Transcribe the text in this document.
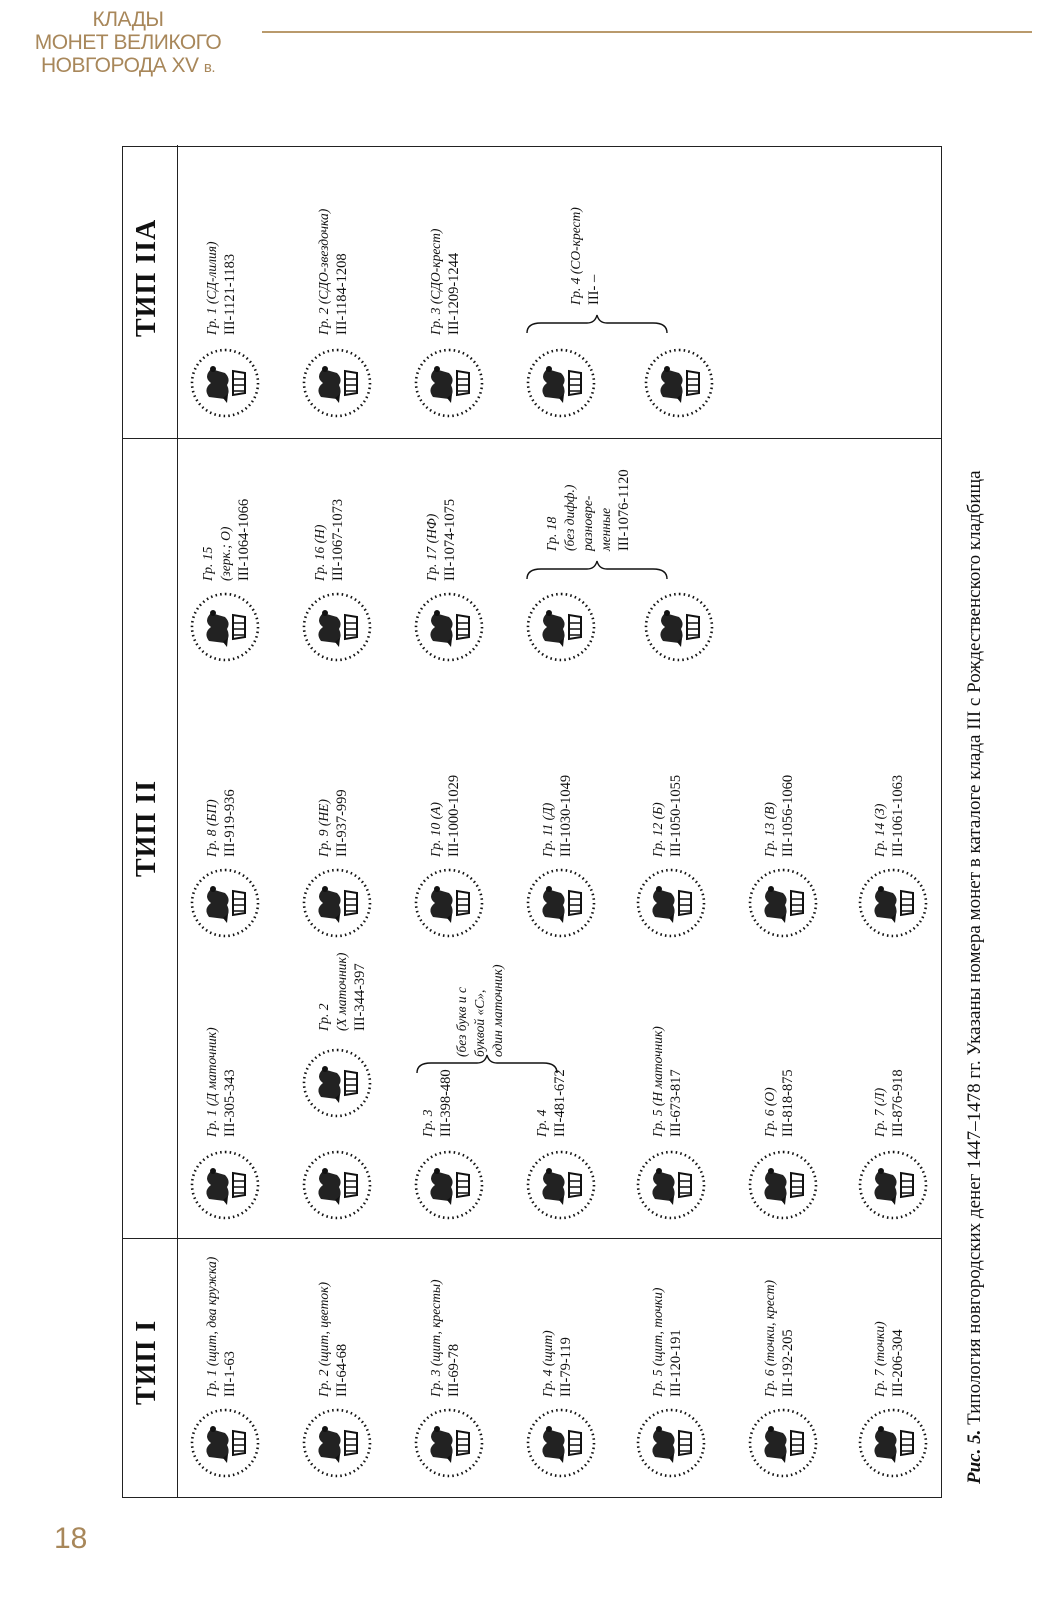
КЛАДЫ
МОНЕТ ВЕЛИКОГО
НОВГОРОДА XV в.
ТИП I
ТИП II
ТИП IIA
Гр. 1 (щит, два кружка) III-1-63	Гр. 2 (щит, цветок) III-64-68	Гр. 3 (щит, кресты) III-69-78	Гр. 4 (щит) III-79-119	Гр. 5 (щит, точки) III-120-191	Гр. 6 (точки, крест) III-192-205	Гр. 7 (точки) III-206-304
Гр. 1 (Д маточник) III-305-343
Гр. 2 (Х маточник) III-344-397
Гр. 5 (Н маточник) III-673-817	Гр. 6 (О) III-818-875	Гр. 7 (Л) III-876-918
Гр. 3 III-398-480
(без букв и с буквой «С», один маточник)
Гр. 4 III-481-672
Гр. 8 (БП) III-919-936	Гр. 9 (НЕ) III-937-999	Гр. 10 (А) III-1000-1029	Гр. 11 (Д) III-1030-1049	Гр. 12 (Б) III-1050-1055	Гр. 13 (В) III-1056-1060	Гр. 14 (З) III-1061-1063
Гр. 15 (зерк.; О) III-1064-1066	Гр. 16 (Н) III-1067-1073	Гр. 17 (НФ) III-1074-1075	Гр. 18 (без дифф.) разновре- менные III-1076-1120
Гр. 1 (СД-лилия) III-1121-1183	Гр. 2 (СДО-звездочка) III-1184-1208	Гр. 3 (СДО-крест) III-1209-1244	Гр. 4 (СО-крест) III- –
Рис. 5. Типология новгородских денег 1447–1478 гг. Указаны номера монет в каталоге клада III с Рождественского кладбища
18
